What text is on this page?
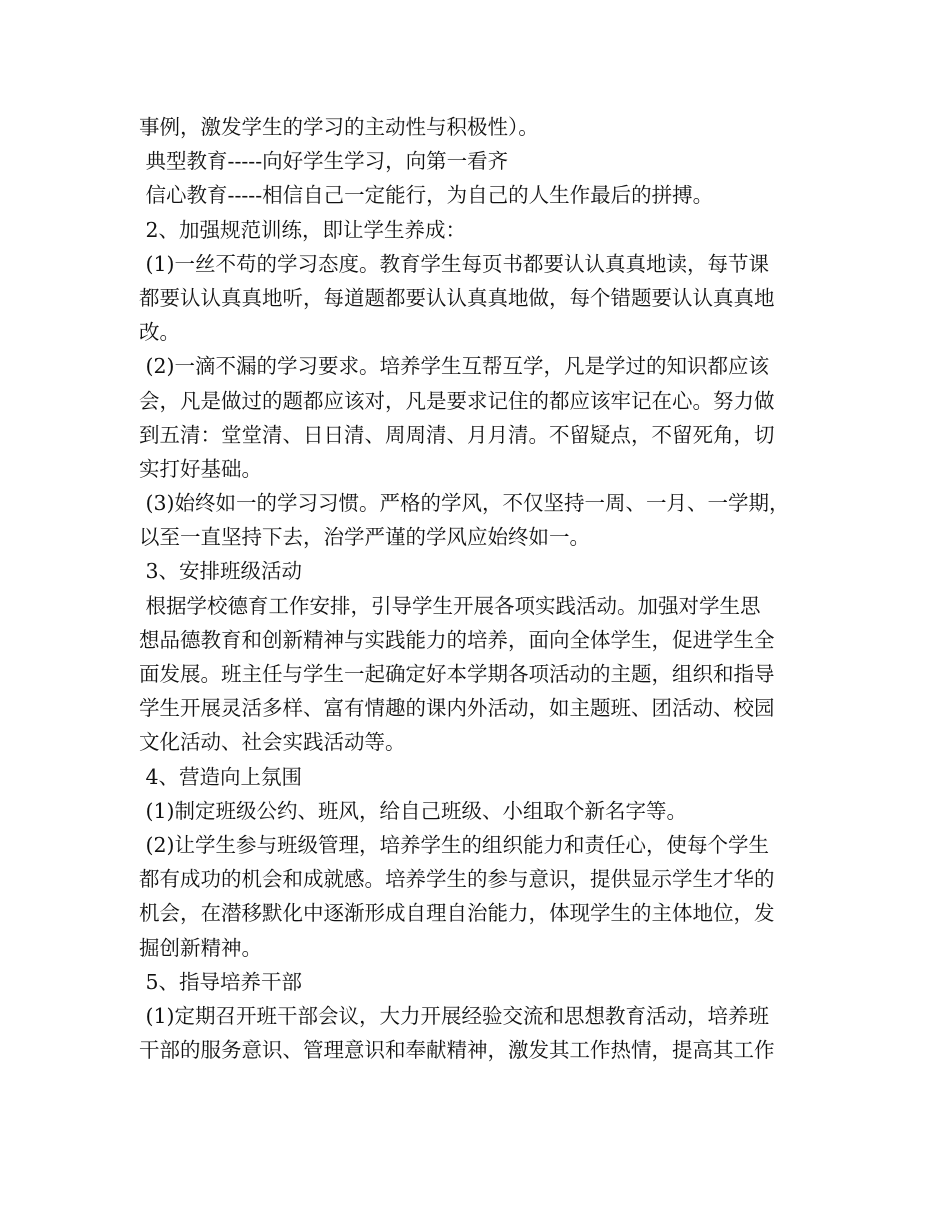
事例，激发学生的学习的主动性与积极性）。
典型教育-----向好学生学习，向第一看齐
信心教育-----相信自己一定能行，为自己的人生作最后的拼搏。
2、加强规范训练，即让学生养成：
(1)一丝不苟的学习态度。教育学生每页书都要认认真真地读，每节课
都要认认真真地听，每道题都要认认真真地做，每个错题要认认真真地
改。
(2)一滴不漏的学习要求。培养学生互帮互学，凡是学过的知识都应该
会，凡是做过的题都应该对，凡是要求记住的都应该牢记在心。努力做
到五清：堂堂清、日日清、周周清、月月清。不留疑点，不留死角，切
实打好基础。
(3)始终如一的学习习惯。严格的学风，不仅坚持一周、一月、一学期，
以至一直坚持下去，治学严谨的学风应始终如一。
3、安排班级活动
根据学校德育工作安排，引导学生开展各项实践活动。加强对学生思
想品德教育和创新精神与实践能力的培养，面向全体学生，促进学生全
面发展。班主任与学生一起确定好本学期各项活动的主题，组织和指导
学生开展灵活多样、富有情趣的课内外活动，如主题班、团活动、校园
文化活动、社会实践活动等。
4、营造向上氛围
(1)制定班级公约、班风，给自己班级、小组取个新名字等。
(2)让学生参与班级管理，培养学生的组织能力和责任心，使每个学生
都有成功的机会和成就感。培养学生的参与意识，提供显示学生才华的
机会，在潜移默化中逐渐形成自理自治能力，体现学生的主体地位，发
掘创新精神。
5、指导培养干部
(1)定期召开班干部会议，大力开展经验交流和思想教育活动，培养班
干部的服务意识、管理意识和奉献精神，激发其工作热情，提高其工作
